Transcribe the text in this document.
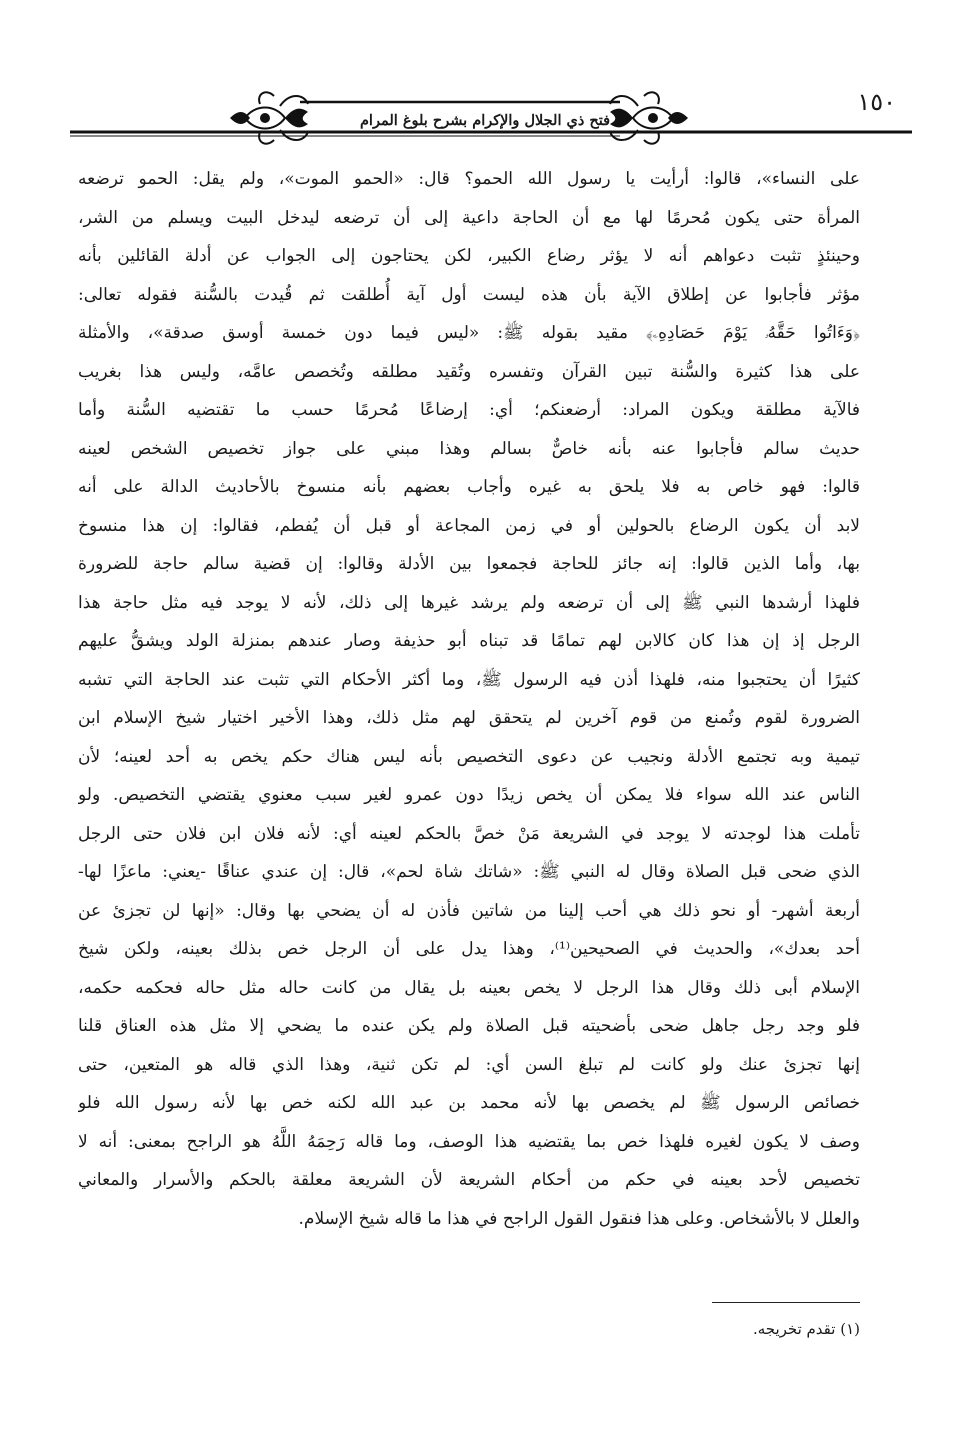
١٥٠
فتح ذي الجلال والإكرام بشرح بلوغ المرام
على النساء»، قالوا: أرأيت يا رسول الله الحمو؟ قال: «الحمو الموت»، ولم يقل: الحمو ترضعه
المرأة حتى يكون مُحرمًا لها مع أن الحاجة داعية إلى أن ترضعه ليدخل البيت ويسلم من الشر،
وحينئذٍ تثبت دعواهم أنه لا يؤثر رضاع الكبير، لكن يحتاجون إلى الجواب عن أدلة القائلين بأنه
مؤثر فأجابوا عن إطلاق الآية بأن هذه ليست أول آية أُطلقت ثم قُيدت بالسُّنة فقوله تعالى:
﴿وَءَاتُوا حَقَّهُۥ يَوْمَ حَصَادِهِۦ﴾ مقيد بقوله ﷺ: «ليس فيما دون خمسة أوسق صدقة»، والأمثلة
على هذا كثيرة والسُّنة تبين القرآن وتفسره وتُقيد مطلقه وتُخصص عامَّه، وليس هذا بغريب
فالآية مطلقة ويكون المراد: أرضعنكم؛ أي: إرضاعًا مُحرمًا حسب ما تقتضيه السُّنة وأما
حديث سالم فأجابوا عنه بأنه خاصٌّ بسالم وهذا مبني على جواز تخصيص الشخص لعينه
قالوا: فهو خاص به فلا يلحق به غيره وأجاب بعضهم بأنه منسوخ بالأحاديث الدالة على أنه
لابد أن يكون الرضاع بالحولين أو في زمن المجاعة أو قبل أن يُفطم، فقالوا: إن هذا منسوخ
بها، وأما الذين قالوا: إنه جائز للحاجة فجمعوا بين الأدلة وقالوا: إن قضية سالم حاجة للضرورة
فلهذا أرشدها النبي ﷺ إلى أن ترضعه ولم يرشد غيرها إلى ذلك، لأنه لا يوجد فيه مثل حاجة هذا
الرجل إذ إن هذا كان كالابن لهم تمامًا قد تبناه أبو حذيفة وصار عندهم بمنزلة الولد ويشقُّ عليهم
كثيرًا أن يحتجبوا منه، فلهذا أذن فيه الرسول ﷺ، وما أكثر الأحكام التي تثبت عند الحاجة التي تشبه
الضرورة لقوم وتُمنع من قوم آخرين لم يتحقق لهم مثل ذلك، وهذا الأخير اختيار شيخ الإسلام ابن
تيمية وبه تجتمع الأدلة ونجيب عن دعوى التخصيص بأنه ليس هناك حكم يخص به أحد لعينه؛ لأن
الناس عند الله سواء فلا يمكن أن يخص زيدًا دون عمرو لغير سبب معنوي يقتضي التخصيص. ولو
تأملت هذا لوجدته لا يوجد في الشريعة مَنْ خصَّ بالحكم لعينه أي: لأنه فلان ابن فلان حتى الرجل
الذي ضحى قبل الصلاة وقال له النبي ﷺ: «شاتك شاة لحم»، قال: إن عندي عناقًا -يعني: ماعزًا لها-
أربعة أشهر- أو نحو ذلك هي أحب إلينا من شاتين فأذن له أن يضحي بها وقال: «إنها لن تجزئ عن
أحد بعدك»، والحديث في الصحيحين⁽¹⁾، وهذا يدل على أن الرجل خص بذلك بعينه، ولكن شيخ
الإسلام أبى ذلك وقال هذا الرجل لا يخص بعينه بل يقال من كانت حاله مثل حاله فحكمه حكمه،
فلو وجد رجل جاهل ضحى بأضحيته قبل الصلاة ولم يكن عنده ما يضحي إلا مثل هذه العناق قلنا
إنها تجزئ عنك ولو كانت لم تبلغ السن أي: لم تكن ثنية، وهذا الذي قاله هو المتعين، حتى
خصائص الرسول ﷺ لم يخصص بها لأنه محمد بن عبد الله لكنه خص بها لأنه رسول الله فلو
وصف لا يكون لغيره فلهذا خص بما يقتضيه هذا الوصف، وما قاله رَحِمَهُ اللَّهُ هو الراجح بمعنى: أنه لا
تخصيص لأحد بعينه في حكم من أحكام الشريعة لأن الشريعة معلقة بالحكم والأسرار والمعاني
والعلل لا بالأشخاص. وعلى هذا فنقول القول الراجح في هذا ما قاله شيخ الإسلام.
(١) تقدم تخريجه.
